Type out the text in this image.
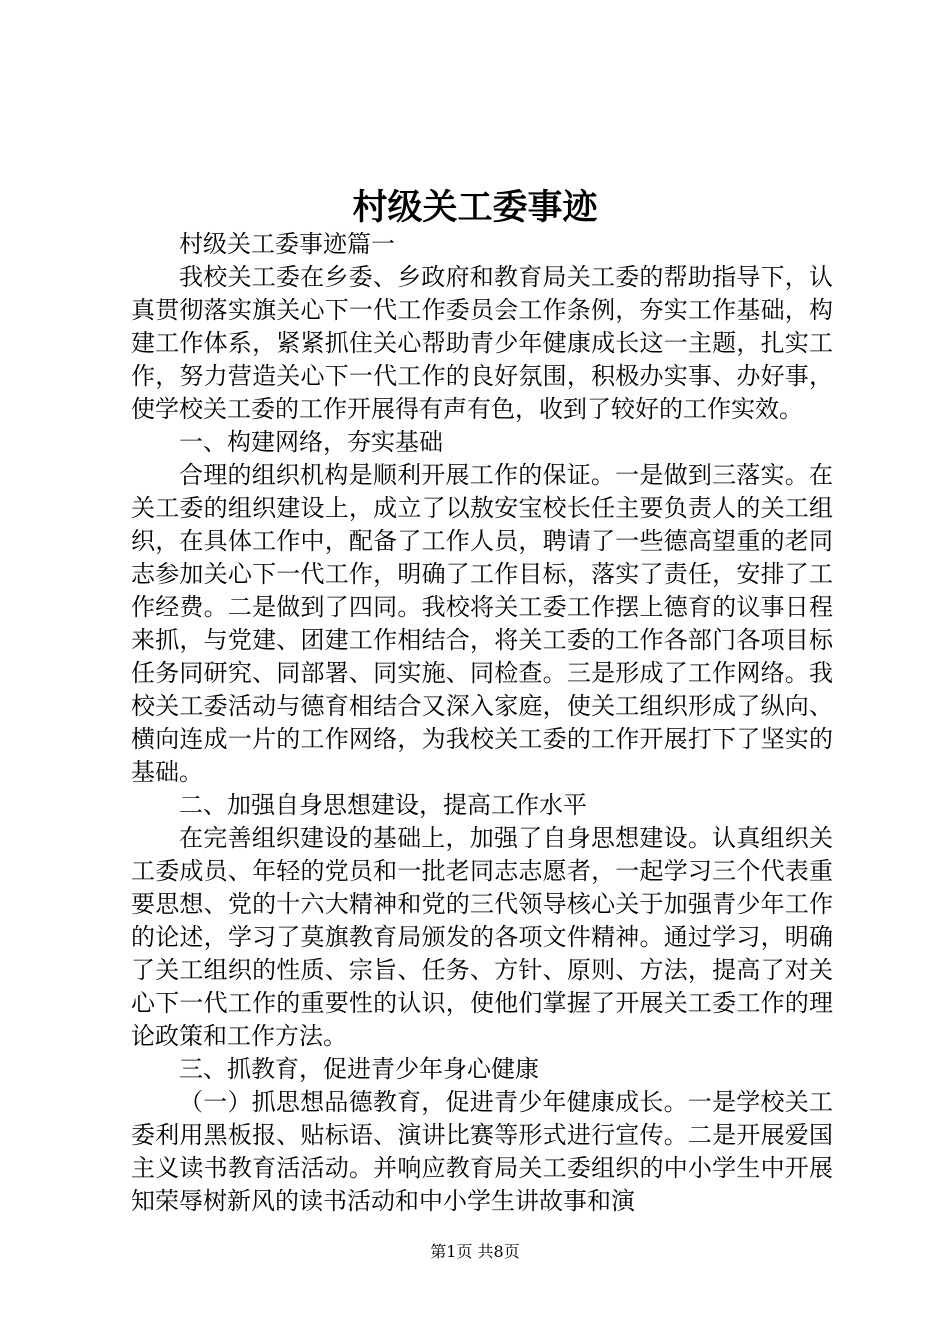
村级关工委事迹

村级关工委事迹篇一

我校关工委在乡委、乡政府和教育局关工委的帮助指导下，认真贯彻落实旗关心下一代工作委员会工作条例，夯实工作基础，构建工作体系，紧紧抓住关心帮助青少年健康成长这一主题，扎实工作，努力营造关心下一代工作的良好氛围，积极办实事、办好事，使学校关工委的工作开展得有声有色，收到了较好的工作实效。

一、构建网络，夯实基础

合理的组织机构是顺利开展工作的保证。一是做到三落实。在关工委的组织建设上，成立了以敖安宝校长任主要负责人的关工组织，在具体工作中，配备了工作人员，聘请了一些德高望重的老同志参加关心下一代工作，明确了工作目标，落实了责任，安排了工作经费。二是做到了四同。我校将关工委工作摆上德育的议事日程来抓，与党建、团建工作相结合，将关工委的工作各部门各项目标任务同研究、同部署、同实施、同检查。三是形成了工作网络。我校关工委活动与德育相结合又深入家庭，使关工组织形成了纵向、横向连成一片的工作网络，为我校关工委的工作开展打下了坚实的基础。

二、加强自身思想建设，提高工作水平

在完善组织建设的基础上，加强了自身思想建设。认真组织关工委成员、年轻的党员和一批老同志志愿者，一起学习三个代表重要思想、党的十六大精神和党的三代领导核心关于加强青少年工作的论述，学习了莫旗教育局颁发的各项文件精神。通过学习，明确了关工组织的性质、宗旨、任务、方针、原则、方法，提高了对关心下一代工作的重要性的认识，使他们掌握了开展关工委工作的理论政策和工作方法。

三、抓教育，促进青少年身心健康

（一）抓思想品德教育，促进青少年健康成长。一是学校关工委利用黑板报、贴标语、演讲比赛等形式进行宣传。二是开展爱国主义读书教育活活动。并响应教育局关工委组织的中小学生中开展知荣辱树新风的读书活动和中小学生讲故事和演

第1页 共8页
